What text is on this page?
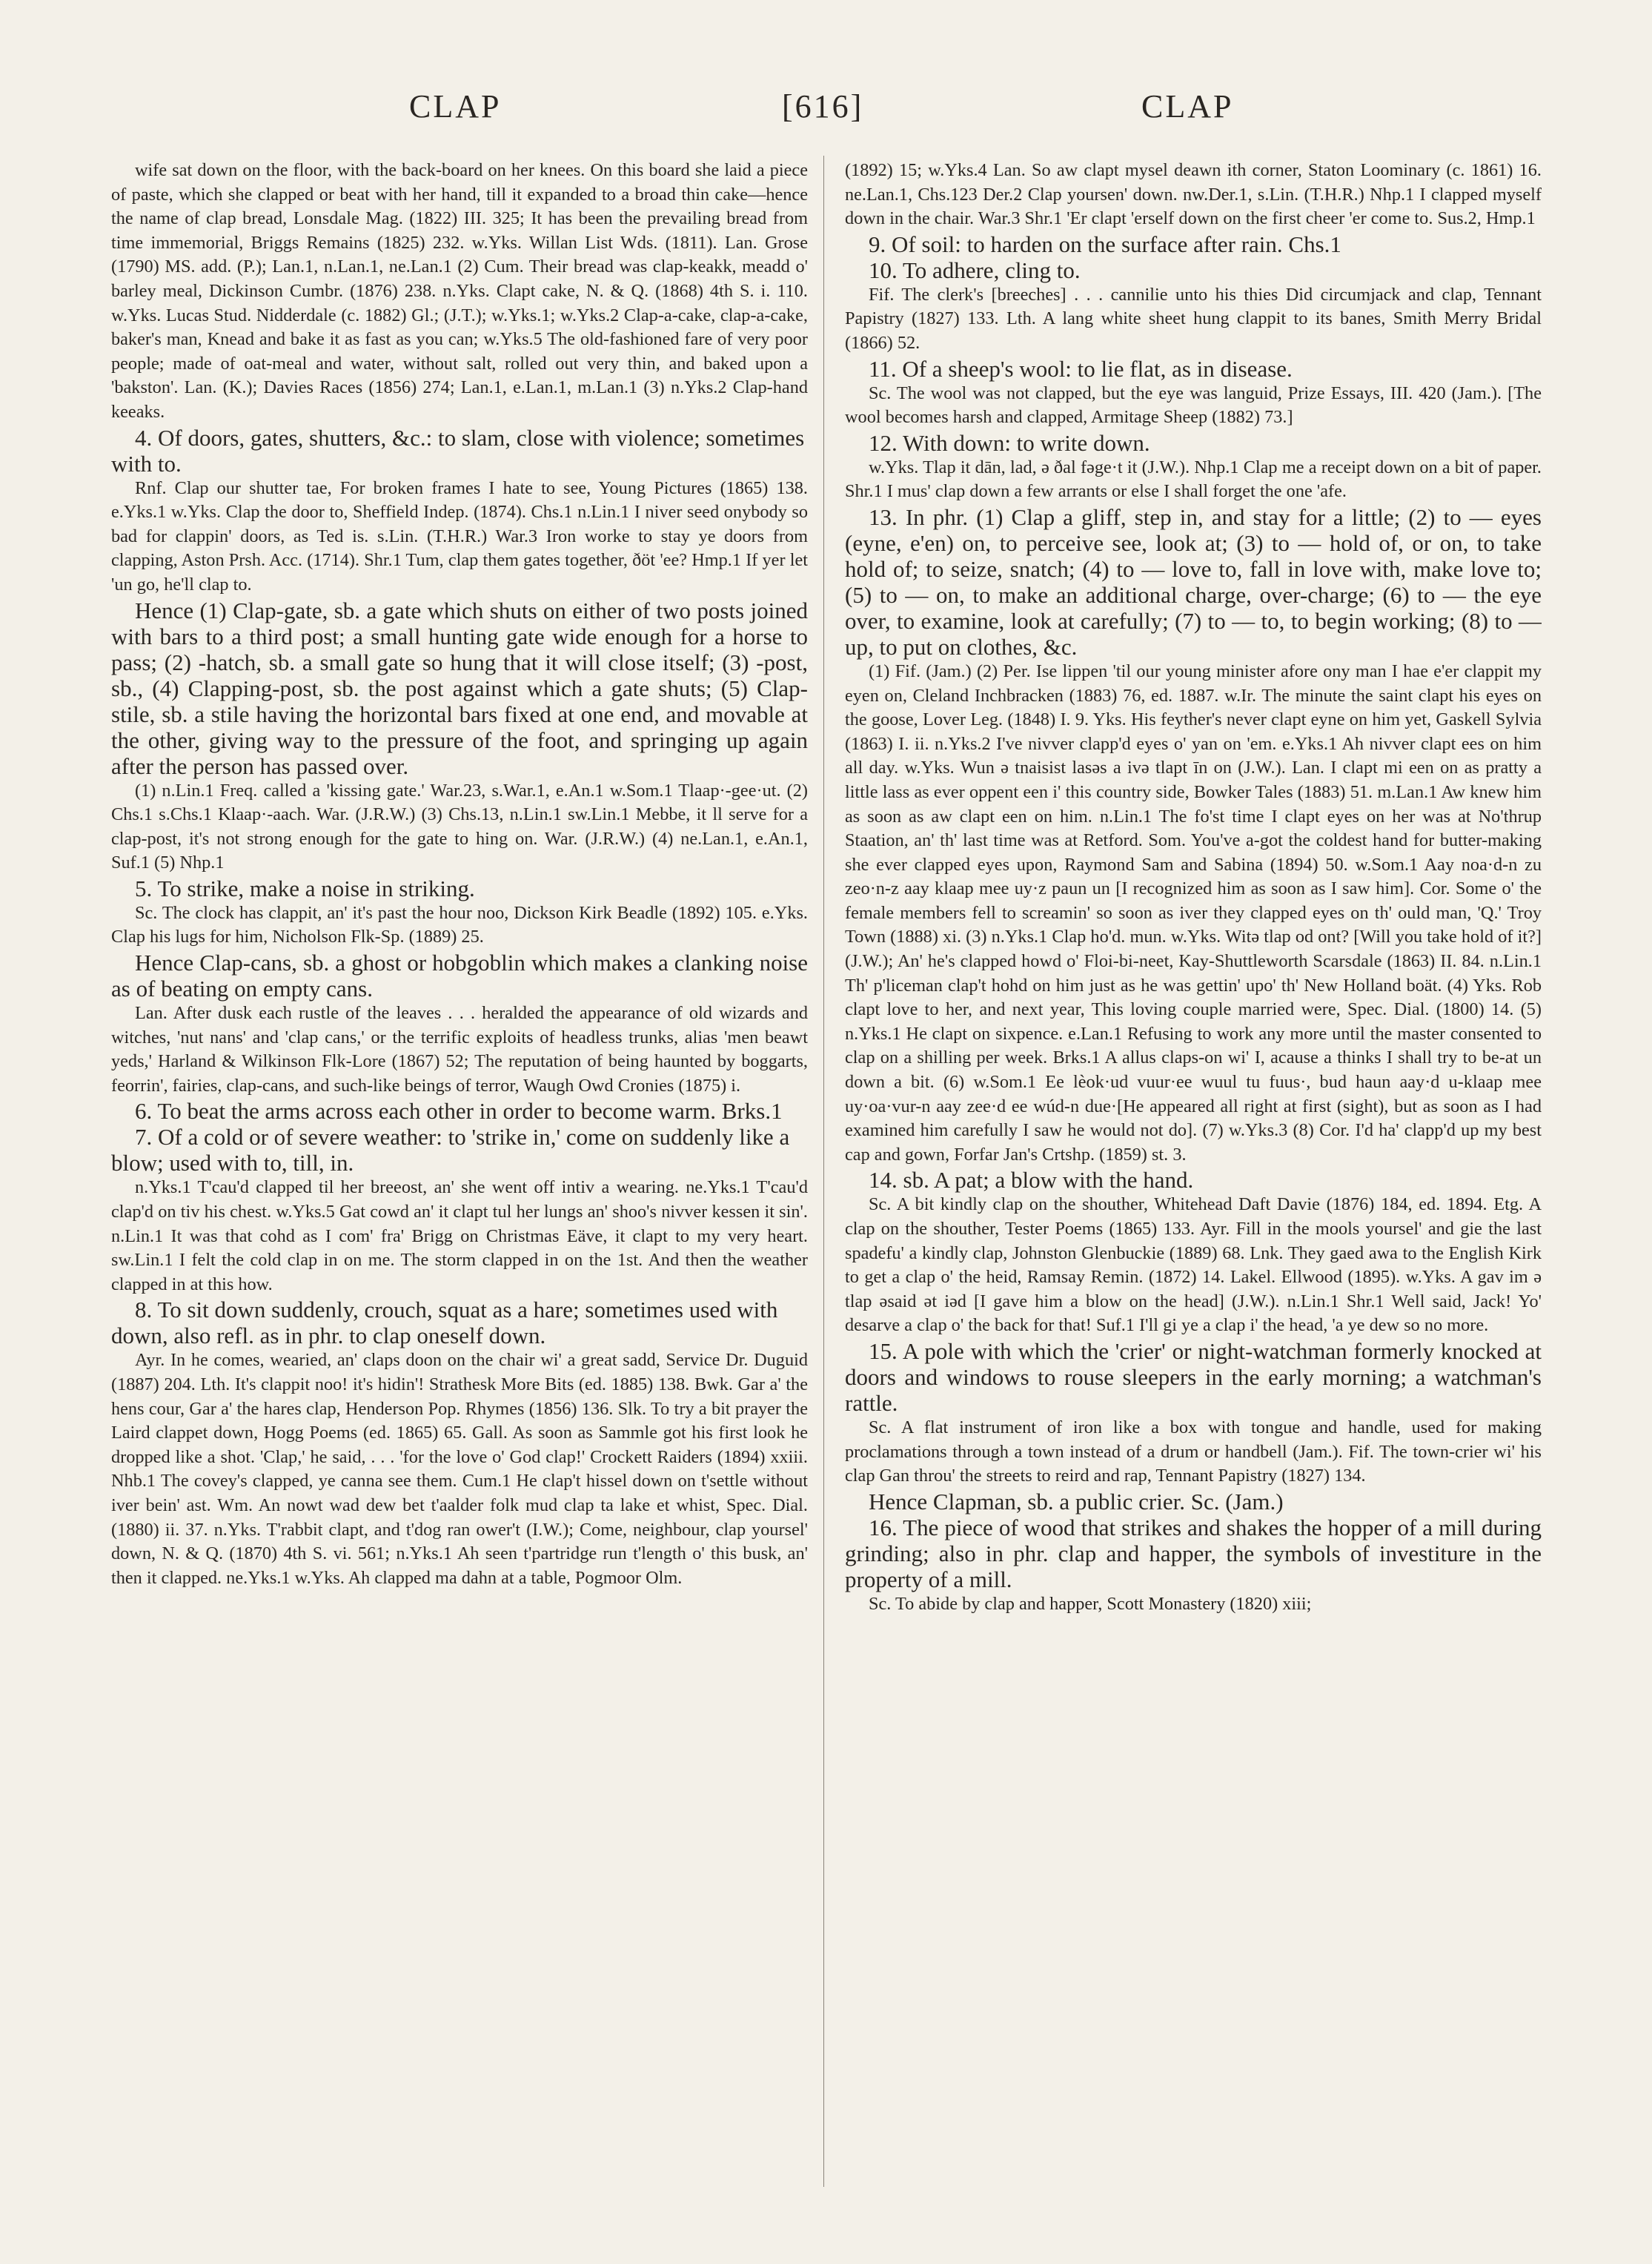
CLAP	[616]	CLAP

wife sat down on the floor, with the back-board on her knees. On this board she laid a piece of paste, which she clapped or beat with her hand, till it expanded to a broad thin cake—hence the name of clap bread, Lonsdale Mag. (1822) III. 325; It has been the prevailing bread from time immemorial, Briggs Remains (1825) 232. w.Yks. Willan List Wds. (1811). Lan. Grose (1790) MS. add. (P.); Lan.1, n.Lan.1, ne.Lan.1 (2) Cum. Their bread was clap-keakk, meadd o' barley meal, Dickinson Cumbr. (1876) 238. n.Yks. Clapt cake, N. & Q. (1868) 4th S. i. 110. w.Yks. Lucas Stud. Nidderdale (c. 1882) Gl.; (J.T.); w.Yks.1; w.Yks.2 Clap-a-cake, clap-a-cake, baker's man, Knead and bake it as fast as you can; w.Yks.5 The old-fashioned fare of very poor people; made of oat-meal and water, without salt, rolled out very thin, and baked upon a 'bakston'. Lan. (K.); Davies Races (1856) 274; Lan.1, e.Lan.1, m.Lan.1 (3) n.Yks.2 Clap-hand keeaks.

4. Of doors, gates, shutters, &c.: to slam, close with violence; sometimes with to.

Rnf. Clap our shutter tae, For broken frames I hate to see, Young Pictures (1865) 138. e.Yks.1 w.Yks. Clap the door to, Sheffield Indep. (1874). Chs.1 n.Lin.1 I niver seed onybody so bad for clappin' doors, as Ted is. s.Lin. (T.H.R.) War.3 Iron worke to stay ye doors from clapping, Aston Prsh. Acc. (1714). Shr.1 Tum, clap them gates together, ðöt 'ee? Hmp.1 If yer let 'un go, he'll clap to.

Hence (1) Clap-gate, sb. a gate which shuts on either of two posts joined with bars to a third post; a small hunting gate wide enough for a horse to pass; (2) -hatch, sb. a small gate so hung that it will close itself; (3) -post, sb., (4) Clapping-post, sb. the post against which a gate shuts; (5) Clap-stile, sb. a stile having the horizontal bars fixed at one end, and movable at the other, giving way to the pressure of the foot, and springing up again after the person has passed over.

(1) n.Lin.1 Freq. called a 'kissing gate.' War.23, s.War.1, e.An.1 w.Som.1 Tlaap·-gee·ut. (2) Chs.1 s.Chs.1 Klaap·-aach. War. (J.R.W.) (3) Chs.13, n.Lin.1 sw.Lin.1 Mebbe, it ll serve for a clap-post, it's not strong enough for the gate to hing on. War. (J.R.W.) (4) ne.Lan.1, e.An.1, Suf.1 (5) Nhp.1

5. To strike, make a noise in striking.

Sc. The clock has clappit, an' it's past the hour noo, Dickson Kirk Beadle (1892) 105. e.Yks. Clap his lugs for him, Nicholson Flk-Sp. (1889) 25.

Hence Clap-cans, sb. a ghost or hobgoblin which makes a clanking noise as of beating on empty cans.

Lan. After dusk each rustle of the leaves . . . heralded the appearance of old wizards and witches, 'nut nans' and 'clap cans,' or the terrific exploits of headless trunks, alias 'men beawt yeds,' Harland & Wilkinson Flk-Lore (1867) 52; The reputation of being haunted by boggarts, feorrin', fairies, clap-cans, and such-like beings of terror, Waugh Owd Cronies (1875) i.

6. To beat the arms across each other in order to become warm. Brks.1

7. Of a cold or of severe weather: to 'strike in,' come on suddenly like a blow; used with to, till, in.

n.Yks.1 T'cau'd clapped til her breeost, an' she went off intiv a wearing. ne.Yks.1 T'cau'd clap'd on tiv his chest. w.Yks.5 Gat cowd an' it clapt tul her lungs an' shoo's nivver kessen it sin'. n.Lin.1 It was that cohd as I com' fra' Brigg on Christmas Eäve, it clapt to my very heart. sw.Lin.1 I felt the cold clap in on me. The storm clapped in on the 1st. And then the weather clapped in at this how.

8. To sit down suddenly, crouch, squat as a hare; sometimes used with down, also refl. as in phr. to clap oneself down.

Ayr. In he comes, wearied, an' claps doon on the chair wi' a great sadd, Service Dr. Duguid (1887) 204. Lth. It's clappit noo! it's hidin'! Strathesk More Bits (ed. 1885) 138. Bwk. Gar a' the hens cour, Gar a' the hares clap, Henderson Pop. Rhymes (1856) 136. Slk. To try a bit prayer the Laird clappet down, Hogg Poems (ed. 1865) 65. Gall. As soon as Sammle got his first look he dropped like a shot. 'Clap,' he said, . . . 'for the love o' God clap!' Crockett Raiders (1894) xxiii. Nhb.1 The covey's clapped, ye canna see them. Cum.1 He clap't hissel down on t'settle without iver bein' ast. Wm. An nowt wad dew bet t'aalder folk mud clap ta lake et whist, Spec. Dial. (1880) ii. 37. n.Yks. T'rabbit clapt, and t'dog ran ower't (I.W.); Come, neighbour, clap yoursel' down, N. & Q. (1870) 4th S. vi. 561; n.Yks.1 Ah seen t'partridge run t'length o' this busk, an' then it clapped. ne.Yks.1 w.Yks. Ah clapped ma dahn at a table, Pogmoor Olm.

(1892) 15; w.Yks.4 Lan. So aw clapt mysel deawn ith corner, Staton Loominary (c. 1861) 16. ne.Lan.1, Chs.123 Der.2 Clap yoursen' down. nw.Der.1, s.Lin. (T.H.R.) Nhp.1 I clapped myself down in the chair. War.3 Shr.1 'Er clapt 'erself down on the first cheer 'er come to. Sus.2, Hmp.1

9. Of soil: to harden on the surface after rain. Chs.1

10. To adhere, cling to.

Fif. The clerk's [breeches] . . . cannilie unto his thies Did circumjack and clap, Tennant Papistry (1827) 133. Lth. A lang white sheet hung clappit to its banes, Smith Merry Bridal (1866) 52.

11. Of a sheep's wool: to lie flat, as in disease.

Sc. The wool was not clapped, but the eye was languid, Prize Essays, III. 420 (Jam.). [The wool becomes harsh and clapped, Armitage Sheep (1882) 73.]

12. With down: to write down.

w.Yks. Tlap it dān, lad, ə ðal fəge·t it (J.W.). Nhp.1 Clap me a receipt down on a bit of paper. Shr.1 I mus' clap down a few arrants or else I shall forget the one 'afe.

13. In phr. (1) Clap a gliff, step in, and stay for a little; (2) to — eyes (eyne, e'en) on, to perceive see, look at; (3) to — hold of, or on, to take hold of; to seize, snatch; (4) to — love to, fall in love with, make love to; (5) to — on, to make an additional charge, over-charge; (6) to — the eye over, to examine, look at carefully; (7) to — to, to begin working; (8) to — up, to put on clothes, &c.

(1) Fif. (Jam.) (2) Per. Ise lippen 'til our young minister afore ony man I hae e'er clappit my eyen on, Cleland Inchbracken (1883) 76, ed. 1887. w.Ir. The minute the saint clapt his eyes on the goose, Lover Leg. (1848) I. 9. Yks. His feyther's never clapt eyne on him yet, Gaskell Sylvia (1863) I. ii. n.Yks.2 I've nivver clapp'd eyes o' yan on 'em. e.Yks.1 Ah nivver clapt ees on him all day. w.Yks. Wun ə tnaisist lasəs a ivə tlapt īn on (J.W.). Lan. I clapt mi een on as pratty a little lass as ever oppent een i' this country side, Bowker Tales (1883) 51. m.Lan.1 Aw knew him as soon as aw clapt een on him. n.Lin.1 The fo'st time I clapt eyes on her was at No'thrup Staation, an' th' last time was at Retford. Som. You've a-got the coldest hand for butter-making she ever clapped eyes upon, Raymond Sam and Sabina (1894) 50. w.Som.1 Aay noa·d-n zu zeo·n-z aay klaap mee uy·z paun un [I recognized him as soon as I saw him]. Cor. Some o' the female members fell to screamin' so soon as iver they clapped eyes on th' ould man, 'Q.' Troy Town (1888) xi. (3) n.Yks.1 Clap ho'd. mun. w.Yks. Witə tlap od ont? [Will you take hold of it?] (J.W.); An' he's clapped howd o' Floi-bi-neet, Kay-Shuttleworth Scarsdale (1863) II. 84. n.Lin.1 Th' p'liceman clap't hohd on him just as he was gettin' upo' th' New Holland boät. (4) Yks. Rob clapt love to her, and next year, This loving couple married were, Spec. Dial. (1800) 14. (5) n.Yks.1 He clapt on sixpence. e.Lan.1 Refusing to work any more until the master consented to clap on a shilling per week. Brks.1 A allus claps-on wi' I, acause a thinks I shall try to be-at un down a bit. (6) w.Som.1 Ee lèok·ud vuur·ee wuul tu fuus·, bud haun aay·d u-klaap mee uy·oa·vur-n aay zee·d ee wúd-n due·[He appeared all right at first (sight), but as soon as I had examined him carefully I saw he would not do]. (7) w.Yks.3 (8) Cor. I'd ha' clapp'd up my best cap and gown, Forfar Jan's Crtshp. (1859) st. 3.

14. sb. A pat; a blow with the hand.

Sc. A bit kindly clap on the shouther, Whitehead Daft Davie (1876) 184, ed. 1894. Etg. A clap on the shouther, Tester Poems (1865) 133. Ayr. Fill in the mools yoursel' and gie the last spadefu' a kindly clap, Johnston Glenbuckie (1889) 68. Lnk. They gaed awa to the English Kirk to get a clap o' the heid, Ramsay Remin. (1872) 14. Lakel. Ellwood (1895). w.Yks. A gav im ə tlap əsaid ət iəd [I gave him a blow on the head] (J.W.). n.Lin.1 Shr.1 Well said, Jack! Yo' desarve a clap o' the back for that! Suf.1 I'll gi ye a clap i' the head, 'a ye dew so no more.

15. A pole with which the 'crier' or night-watchman formerly knocked at doors and windows to rouse sleepers in the early morning; a watchman's rattle.

Sc. A flat instrument of iron like a box with tongue and handle, used for making proclamations through a town instead of a drum or handbell (Jam.). Fif. The town-crier wi' his clap Gan throu' the streets to reird and rap, Tennant Papistry (1827) 134.

Hence Clapman, sb. a public crier. Sc. (Jam.)

16. The piece of wood that strikes and shakes the hopper of a mill during grinding; also in phr. clap and happer, the symbols of investiture in the property of a mill.

Sc. To abide by clap and happer, Scott Monastery (1820) xiii;
